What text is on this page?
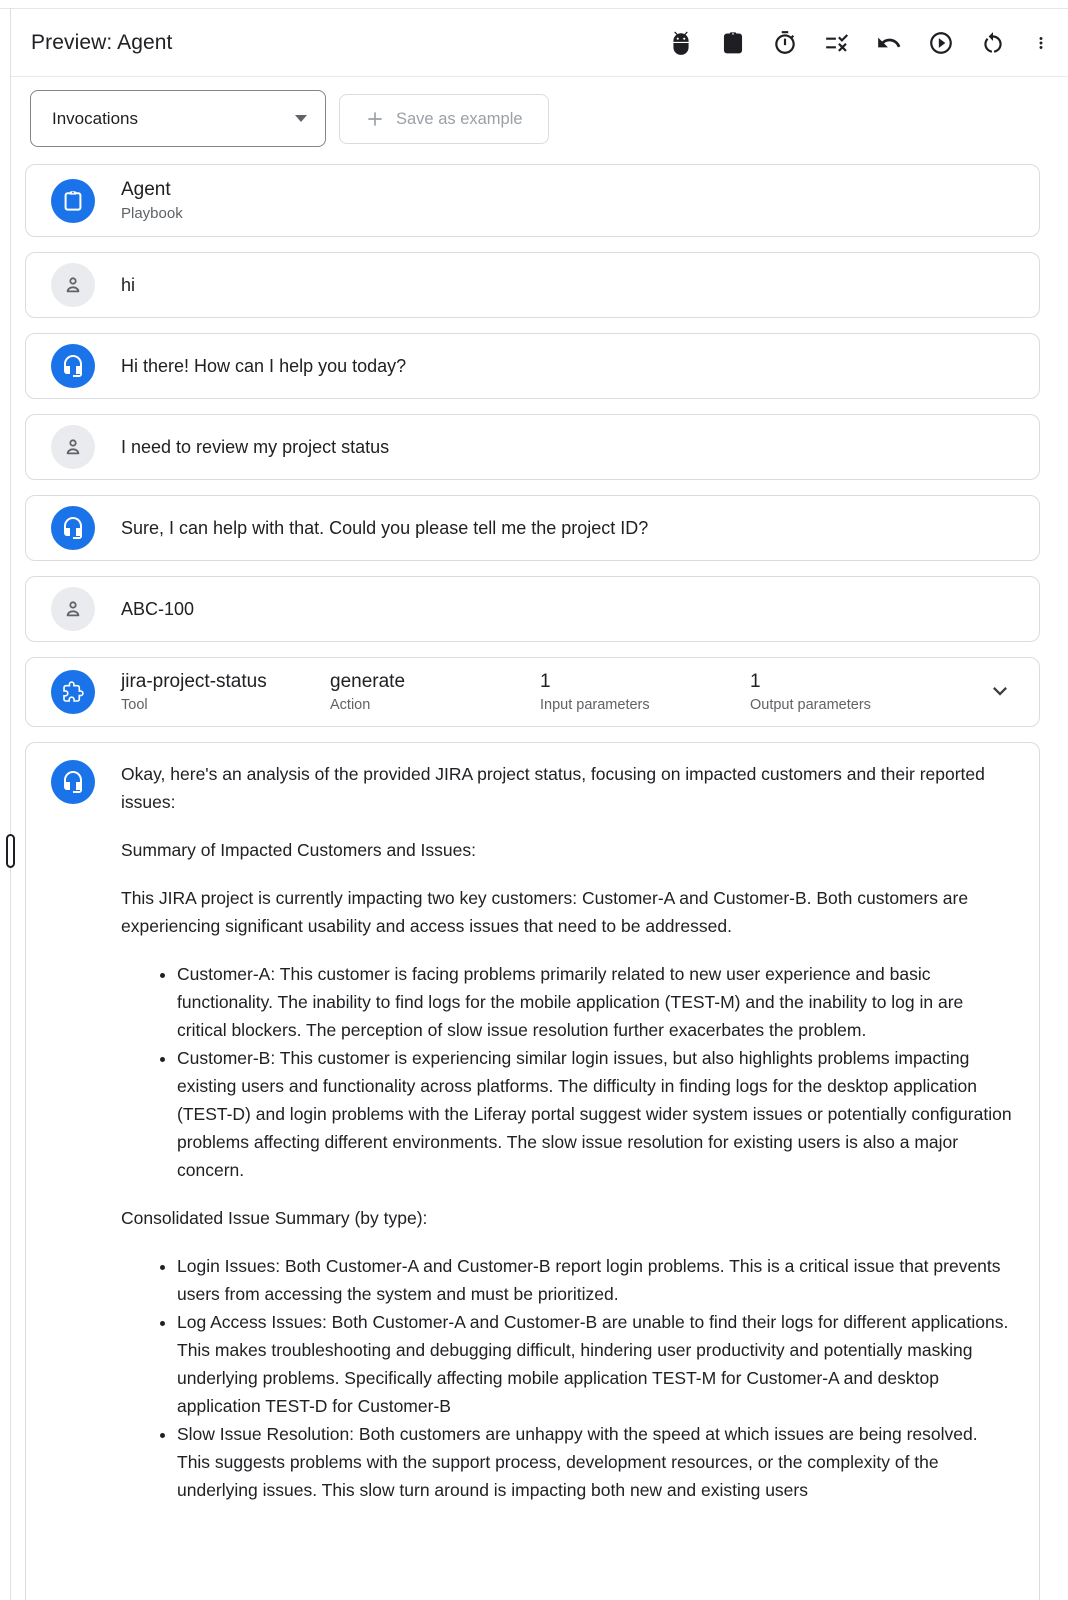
Preview: Agent
Invocations	Save as example
Agent
Playbook
hi
Hi there! How can I help you today?
I need to review my project status
Sure, I can help with that. Could you please tell me the project ID?
ABC-100
jira-project-status
Tool
generate
Action
1
Input parameters
1
Output parameters

Okay, here's an analysis of the provided JIRA project status, focusing on impacted customers and their reported issues:

Summary of Impacted Customers and Issues:

This JIRA project is currently impacting two key customers: Customer-A and Customer-B. Both customers are experiencing significant usability and access issues that need to be addressed.

• Customer-A: This customer is facing problems primarily related to new user experience and basic functionality. The inability to find logs for the mobile application (TEST-M) and the inability to log in are critical blockers. The perception of slow issue resolution further exacerbates the problem.
• Customer-B: This customer is experiencing similar login issues, but also highlights problems impacting existing users and functionality across platforms. The difficulty in finding logs for the desktop application (TEST-D) and login problems with the Liferay portal suggest wider system issues or potentially configuration problems affecting different environments. The slow issue resolution for existing users is also a major concern.

Consolidated Issue Summary (by type):

• Login Issues: Both Customer-A and Customer-B report login problems. This is a critical issue that prevents users from accessing the system and must be prioritized.
• Log Access Issues: Both Customer-A and Customer-B are unable to find their logs for different applications. This makes troubleshooting and debugging difficult, hindering user productivity and potentially masking underlying problems. Specifically affecting mobile application TEST-M for Customer-A and desktop application TEST-D for Customer-B
• Slow Issue Resolution: Both customers are unhappy with the speed at which issues are being resolved. This suggests problems with the support process, development resources, or the complexity of the underlying issues. This slow turn around is impacting both new and existing users
